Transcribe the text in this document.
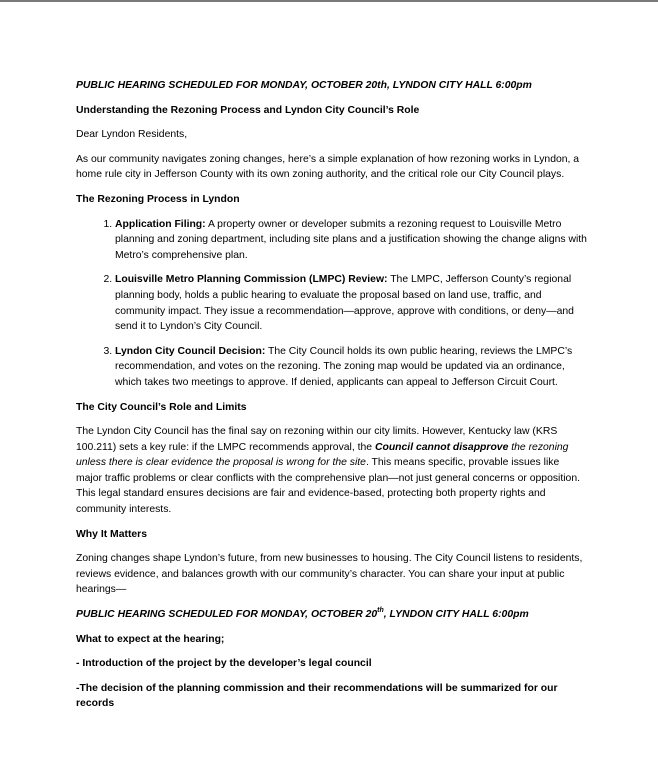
PUBLIC HEARING SCHEDULED FOR MONDAY, OCTOBER 20th, LYNDON CITY HALL 6:00pm

Understanding the Rezoning Process and Lyndon City Council’s Role

Dear Lyndon Residents,

As our community navigates zoning changes, here’s a simple explanation of how rezoning works in Lyndon, a home rule city in Jefferson County with its own zoning authority, and the critical role our City Council plays.

The Rezoning Process in Lyndon

1. Application Filing: A property owner or developer submits a rezoning request to Louisville Metro planning and zoning department, including site plans and a justification showing the change aligns with Metro’s comprehensive plan.
2. Louisville Metro Planning Commission (LMPC) Review: The LMPC, Jefferson County’s regional planning body, holds a public hearing to evaluate the proposal based on land use, traffic, and community impact. They issue a recommendation—approve, approve with conditions, or deny—and send it to Lyndon’s City Council.
3. Lyndon City Council Decision: The City Council holds its own public hearing, reviews the LMPC’s recommendation, and votes on the rezoning. The zoning map would be updated via an ordinance, which takes two meetings to approve. If denied, applicants can appeal to Jefferson Circuit Court.

The City Council’s Role and Limits

The Lyndon City Council has the final say on rezoning within our city limits. However, Kentucky law (KRS 100.211) sets a key rule: if the LMPC recommends approval, the Council cannot disapprove the rezoning unless there is clear evidence the proposal is wrong for the site. This means specific, provable issues like major traffic problems or clear conflicts with the comprehensive plan—not just general concerns or opposition. This legal standard ensures decisions are fair and evidence-based, protecting both property rights and community interests.

Why It Matters

Zoning changes shape Lyndon’s future, from new businesses to housing. The City Council listens to residents, reviews evidence, and balances growth with our community’s character. You can share your input at public hearings—

PUBLIC HEARING SCHEDULED FOR MONDAY, OCTOBER 20th, LYNDON CITY HALL 6:00pm

What to expect at the hearing;

- Introduction of the project by the developer’s legal council

-The decision of the planning commission and their recommendations will be summarized for our records
